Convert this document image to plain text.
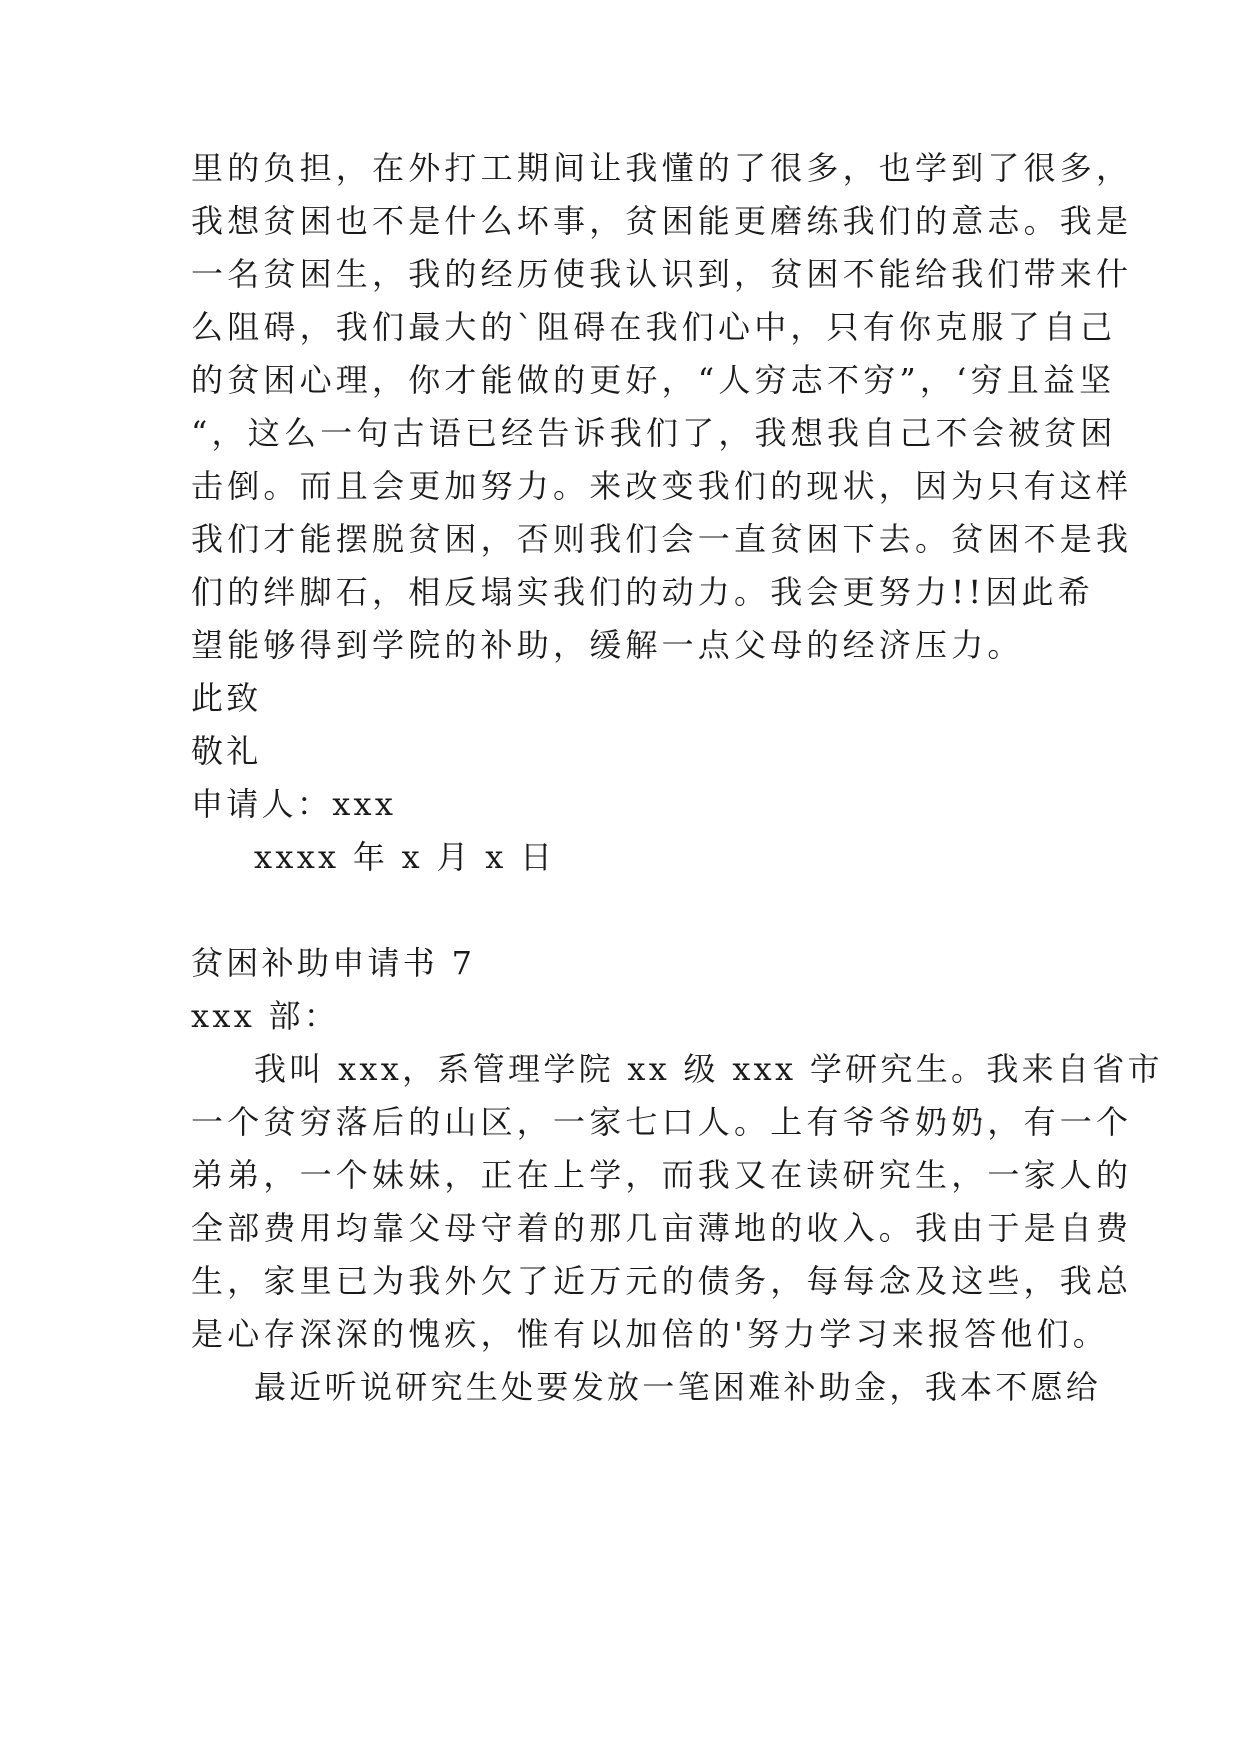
里的负担，在外打工期间让我懂的了很多，也学到了很多，
我想贫困也不是什么坏事，贫困能更磨练我们的意志。我是
一名贫困生，我的经历使我认识到，贫困不能给我们带来什
么阻碍，我们最大的`阻碍在我们心中，只有你克服了自己
的贫困心理，你才能做的更好，“人穷志不穷”，‘穷且益坚
“，这么一句古语已经告诉我们了，我想我自己不会被贫困
击倒。而且会更加努力。来改变我们的现状，因为只有这样
我们才能摆脱贫困，否则我们会一直贫困下去。贫困不是我
们的绊脚石，相反塌实我们的动力。我会更努力!!因此希
望能够得到学院的补助，缓解一点父母的经济压力。
此致
敬礼
申请人：xxx
xxxx 年 x 月 x 日
贫困补助申请书 7
xxx 部：
我叫 xxx，系管理学院 xx 级 xxx 学研究生。我来自省市
一个贫穷落后的山区，一家七口人。上有爷爷奶奶，有一个
弟弟，一个妹妹，正在上学，而我又在读研究生，一家人的
全部费用均靠父母守着的那几亩薄地的收入。我由于是自费
生，家里已为我外欠了近万元的债务，每每念及这些，我总
是心存深深的愧疚，惟有以加倍的'努力学习来报答他们。
最近听说研究生处要发放一笔困难补助金，我本不愿给
